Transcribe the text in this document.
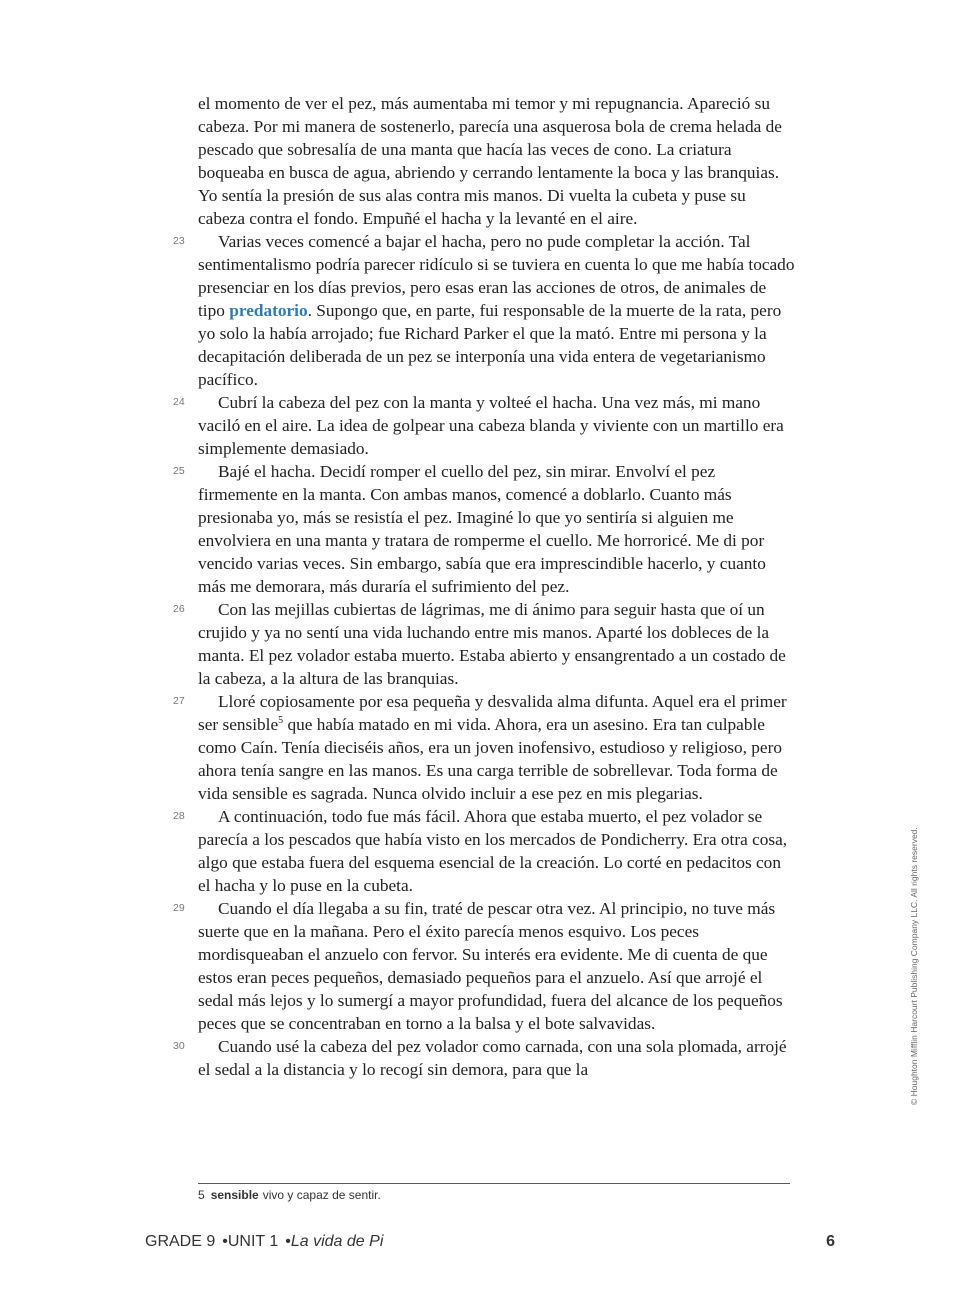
el momento de ver el pez, más aumentaba mi temor y mi repugnancia. Apareció su cabeza. Por mi manera de sostenerlo, parecía una asquerosa bola de crema helada de pescado que sobresalía de una manta que hacía las veces de cono. La criatura boqueaba en busca de agua, abriendo y cerrando lentamente la boca y las branquias. Yo sentía la presión de sus alas contra mis manos. Di vuelta la cubeta y puse su cabeza contra el fondo. Empuñé el hacha y la levanté en el aire.

23 Varias veces comencé a bajar el hacha, pero no pude completar la acción. Tal sentimentalismo podría parecer ridículo si se tuviera en cuenta lo que me había tocado presenciar en los días previos, pero esas eran las acciones de otros, de animales de tipo predatorio. Supongo que, en parte, fui responsable de la muerte de la rata, pero yo solo la había arrojado; fue Richard Parker el que la mató. Entre mi persona y la decapitación deliberada de un pez se interponía una vida entera de vegetarianismo pacífico.

24 Cubrí la cabeza del pez con la manta y volteé el hacha. Una vez más, mi mano vaciló en el aire. La idea de golpear una cabeza blanda y viviente con un martillo era simplemente demasiado.

25 Bajé el hacha. Decidí romper el cuello del pez, sin mirar. Envolví el pez firmemente en la manta. Con ambas manos, comencé a doblarlo. Cuanto más presionaba yo, más se resistía el pez. Imaginé lo que yo sentiría si alguien me envolviera en una manta y tratara de romperme el cuello. Me horroricé. Me di por vencido varias veces. Sin embargo, sabía que era imprescindible hacerlo, y cuanto más me demorara, más duraría el sufrimiento del pez.

26 Con las mejillas cubiertas de lágrimas, me di ánimo para seguir hasta que oí un crujido y ya no sentí una vida luchando entre mis manos. Aparté los dobleces de la manta. El pez volador estaba muerto. Estaba abierto y ensangrentado a un costado de la cabeza, a la altura de las branquias.

27 Lloré copiosamente por esa pequeña y desvalida alma difunta. Aquel era el primer ser sensible$^5$ que había matado en mi vida. Ahora, era un asesino. Era tan culpable como Caín. Tenía dieciséis años, era un joven inofensivo, estudioso y religioso, pero ahora tenía sangre en las manos. Es una carga terrible de sobrellevar. Toda forma de vida sensible es sagrada. Nunca olvido incluir a ese pez en mis plegarias.

28 A continuación, todo fue más fácil. Ahora que estaba muerto, el pez volador se parecía a los pescados que había visto en los mercados de Pondicherry. Era otra cosa, algo que estaba fuera del esquema esencial de la creación. Lo corté en pedacitos con el hacha y lo puse en la cubeta.

29 Cuando el día llegaba a su fin, traté de pescar otra vez. Al principio, no tuve más suerte que en la mañana. Pero el éxito parecía menos esquivo. Los peces mordisqueaban el anzuelo con fervor. Su interés era evidente. Me di cuenta de que estos eran peces pequeños, demasiado pequeños para el anzuelo. Así que arrojé el sedal más lejos y lo sumergí a mayor profundidad, fuera del alcance de los pequeños peces que se concentraban en torno a la balsa y el bote salvavidas.

30 Cuando usé la cabeza del pez volador como carnada, con una sola plomada, arrojé el sedal a la distancia y lo recogí sin demora, para que la

5 sensible vivo y capaz de sentir.
© Houghton Mifflin Harcourt Publishing Company LLC. All rights reserved.
GRADE 9 •UNIT 1 •La vida de Pi	6
